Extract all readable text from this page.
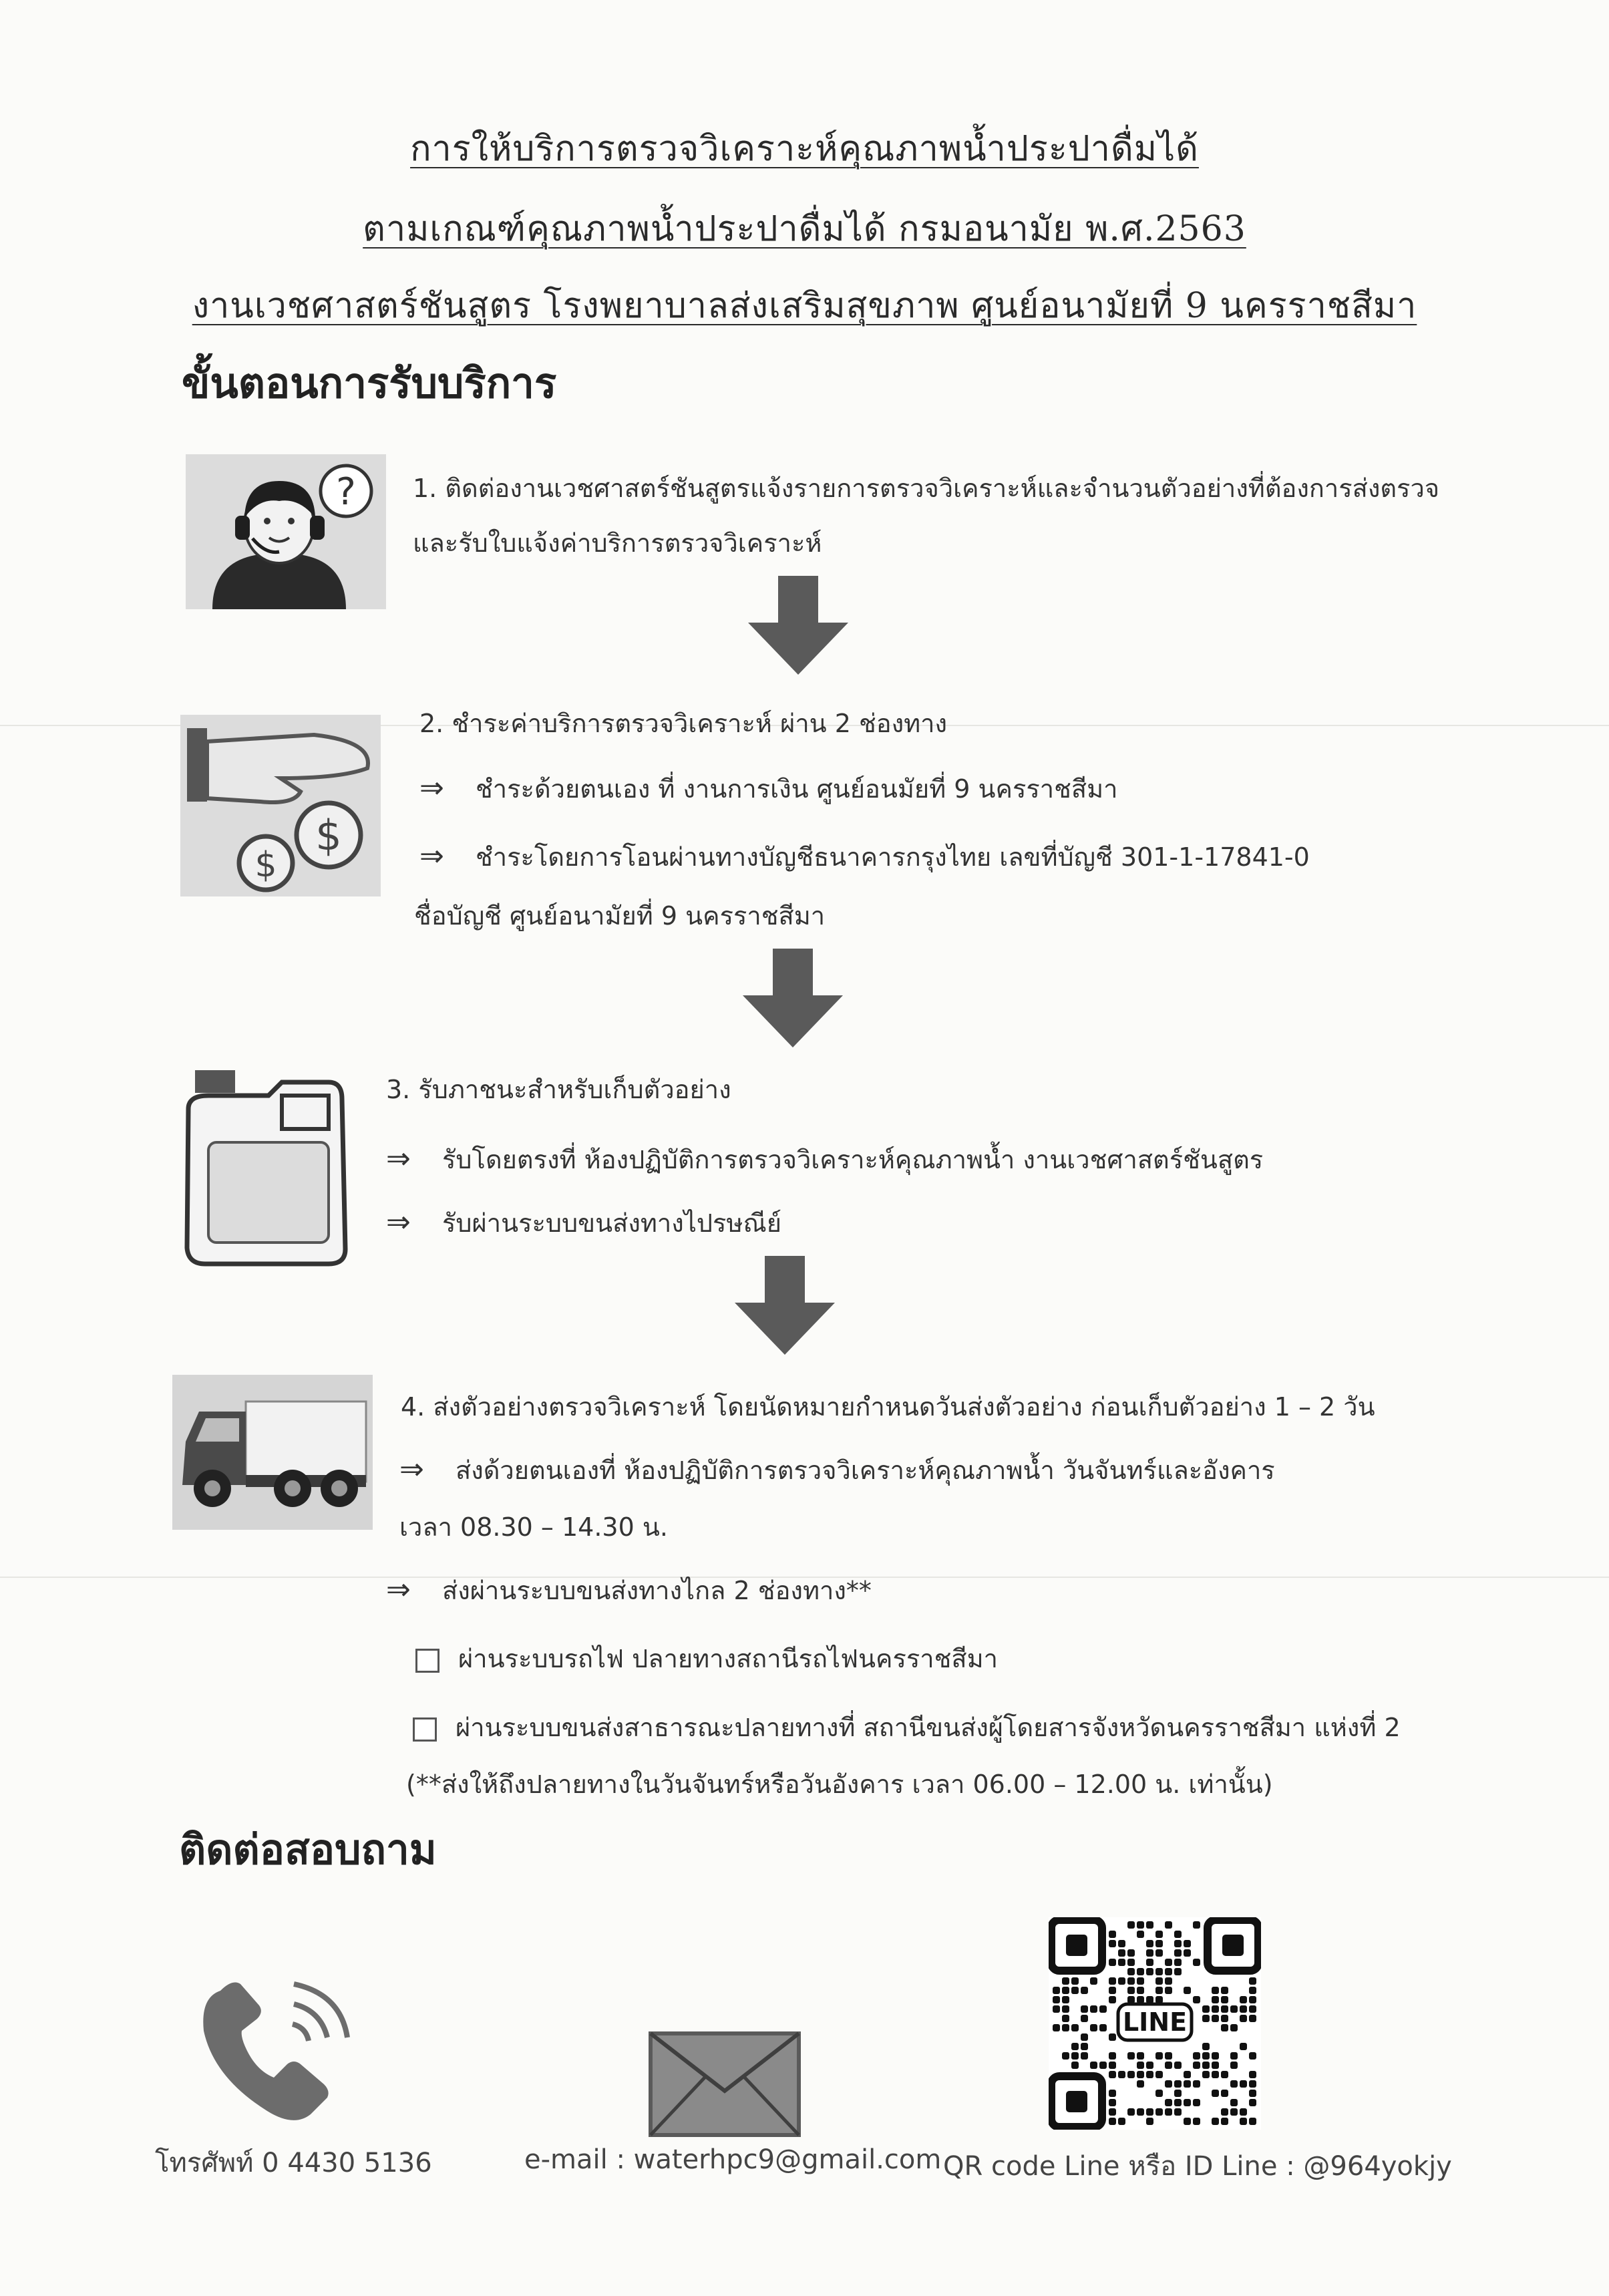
การให้บริการตรวจวิเคราะห์คุณภาพน้ำประปาดื่มได้
ตามเกณฑ์คุณภาพน้ำประปาดื่มได้ กรมอนามัย พ.ศ.2563
งานเวชศาสตร์ชันสูตร โรงพยาบาลส่งเสริมสุขภาพ ศูนย์อนามัยที่ 9 นครราชสีมา
ขั้นตอนการรับบริการ
? 1. ติดต่องานเวชศาสตร์ชันสูตรแจ้งรายการตรวจวิเคราะห์และจำนวนตัวอย่างที่ต้องการส่งตรวจ
และรับใบแจ้งค่าบริการตรวจวิเคราะห์
$
$
2. ชำระค่าบริการตรวจวิเคราะห์ ผ่าน 2 ช่องทาง
⇒ ชำระด้วยตนเอง ที่ งานการเงิน ศูนย์อนมัยที่ 9 นครราชสีมา
⇒ ชำระโดยการโอนผ่านทางบัญชีธนาคารกรุงไทย เลขที่บัญชี 301-1-17841-0
ชื่อบัญชี ศูนย์อนามัยที่ 9 นครราชสีมา
3. รับภาชนะสำหรับเก็บตัวอย่าง
⇒ รับโดยตรงที่ ห้องปฏิบัติการตรวจวิเคราะห์คุณภาพน้ำ งานเวชศาสตร์ชันสูตร
⇒ รับผ่านระบบขนส่งทางไปรษณีย์
4. ส่งตัวอย่างตรวจวิเคราะห์ โดยนัดหมายกำหนดวันส่งตัวอย่าง ก่อนเก็บตัวอย่าง 1 – 2 วัน
⇒ ส่งด้วยตนเองที่ ห้องปฏิบัติการตรวจวิเคราะห์คุณภาพน้ำ วันจันทร์และอังคาร
เวลา 08.30 – 14.30 น.
⇒ ส่งผ่านระบบขนส่งทางไกล 2 ช่องทาง**
ผ่านระบบรถไฟ ปลายทางสถานีรถไฟนครราชสีมา
ผ่านระบบขนส่งสาธารณะปลายทางที่ สถานีขนส่งผู้โดยสารจังหวัดนครราชสีมา แห่งที่ 2
(**ส่งให้ถึงปลายทางในวันจันทร์หรือวันอังคาร เวลา 06.00 – 12.00 น. เท่านั้น)
ติดต่อสอบถาม
โทรศัพท์ 0 4430 5136	e-mail : waterhpc9@gmail.com
LINE
QR code Line หรือ ID Line : @964yokjy
